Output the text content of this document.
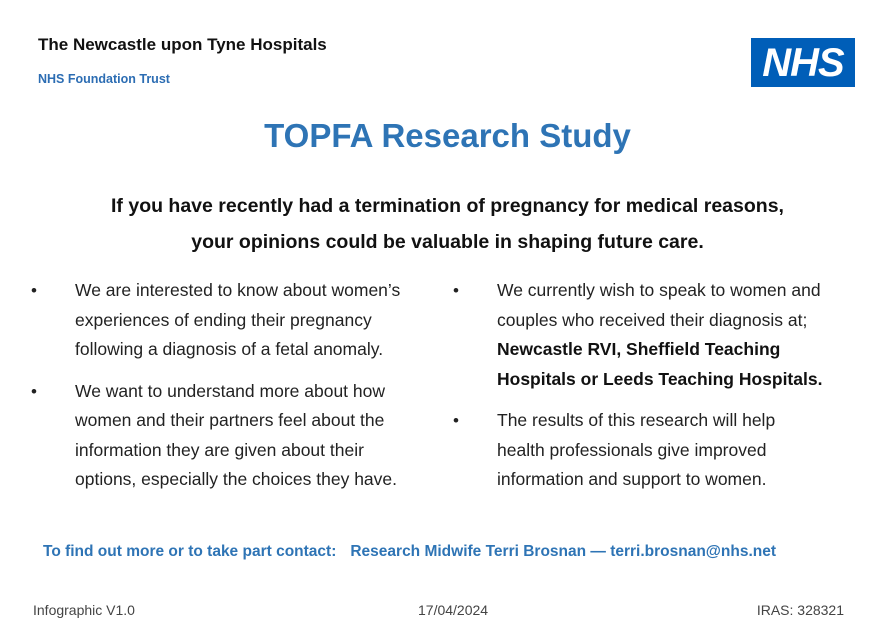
The Newcastle upon Tyne Hospitals
NHS Foundation Trust	NHS
TOPFA Research Study
If you have recently had a termination of pregnancy for medical reasons,
your opinions could be valuable in shaping future care.
• We are interested to know about women’s experiences of ending their pregnancy following a diagnosis of a fetal anomaly.
• We want to understand more about how women and their partners feel about the information they are given about their options, especially the choices they have.
• We currently wish to speak to women and couples who received their diagnosis at; Newcastle RVI, Sheffield Teaching Hospitals or Leeds Teaching Hospitals.
• The results of this research will help health professionals give improved information and support to women.
To find out more or to take part contact: Research Midwife Terri Brosnan — terri.brosnan@nhs.net
Infographic V1.0	17/04/2024	IRAS: 328321
